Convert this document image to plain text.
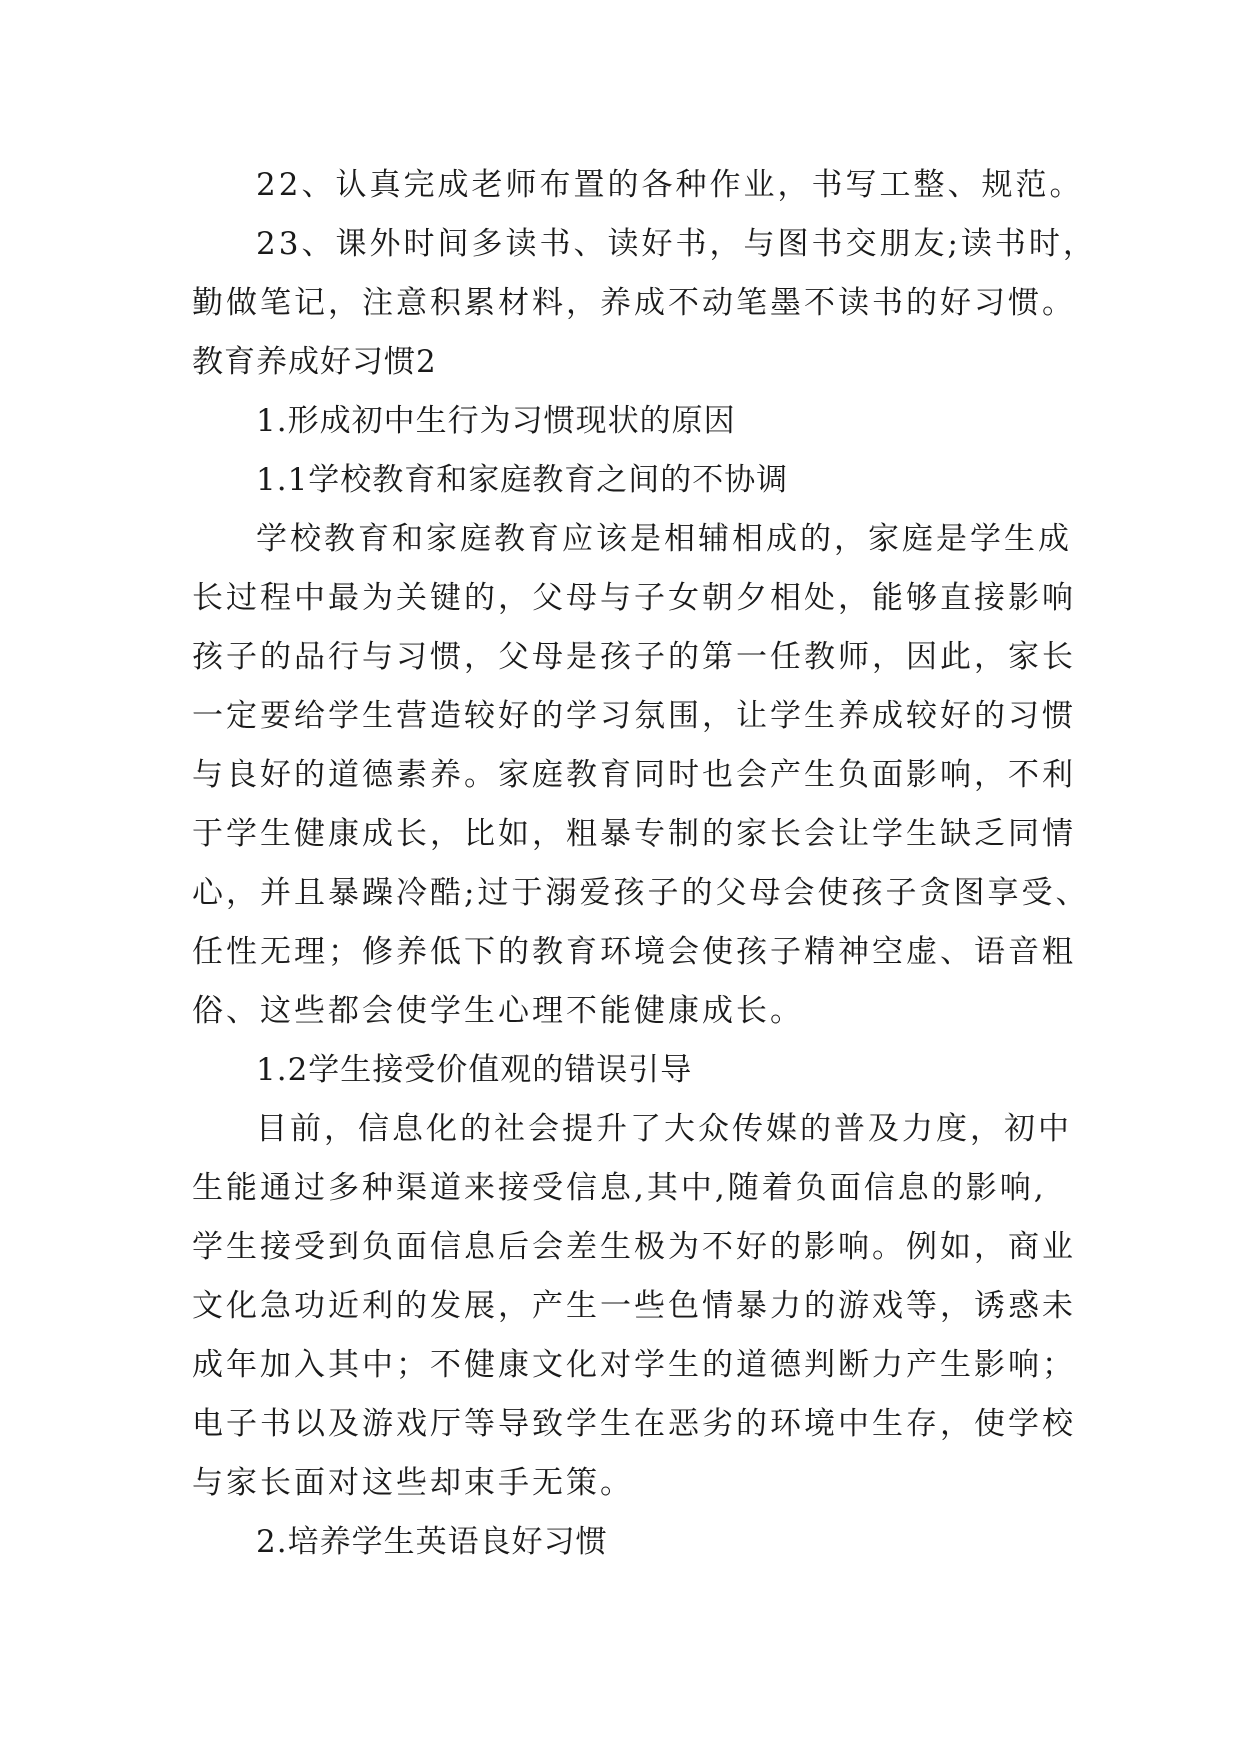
22、认真完成老师布置的各种作业，书写工整、规范。
23、课外时间多读书、读好书，与图书交朋友;读书时，
勤做笔记，注意积累材料，养成不动笔墨不读书的好习惯。
教育养成好习惯2
1.形成初中生行为习惯现状的原因
1.1学校教育和家庭教育之间的不协调
学校教育和家庭教育应该是相辅相成的，家庭是学生成
长过程中最为关键的，父母与子女朝夕相处，能够直接影响
孩子的品行与习惯，父母是孩子的第一任教师，因此，家长
一定要给学生营造较好的学习氛围，让学生养成较好的习惯
与良好的道德素养。家庭教育同时也会产生负面影响，不利
于学生健康成长，比如，粗暴专制的家长会让学生缺乏同情
心，并且暴躁冷酷;过于溺爱孩子的父母会使孩子贪图享受、
任性无理；修养低下的教育环境会使孩子精神空虚、语音粗
俗、这些都会使学生心理不能健康成长。
1.2学生接受价值观的错误引导
目前，信息化的社会提升了大众传媒的普及力度，初中
生能通过多种渠道来接受信息,其中,随着负面信息的影响,
学生接受到负面信息后会差生极为不好的影响。例如，商业
文化急功近利的发展，产生一些色情暴力的游戏等，诱惑未
成年加入其中；不健康文化对学生的道德判断力产生影响；
电子书以及游戏厅等导致学生在恶劣的环境中生存，使学校
与家长面对这些却束手无策。
2.培养学生英语良好习惯
